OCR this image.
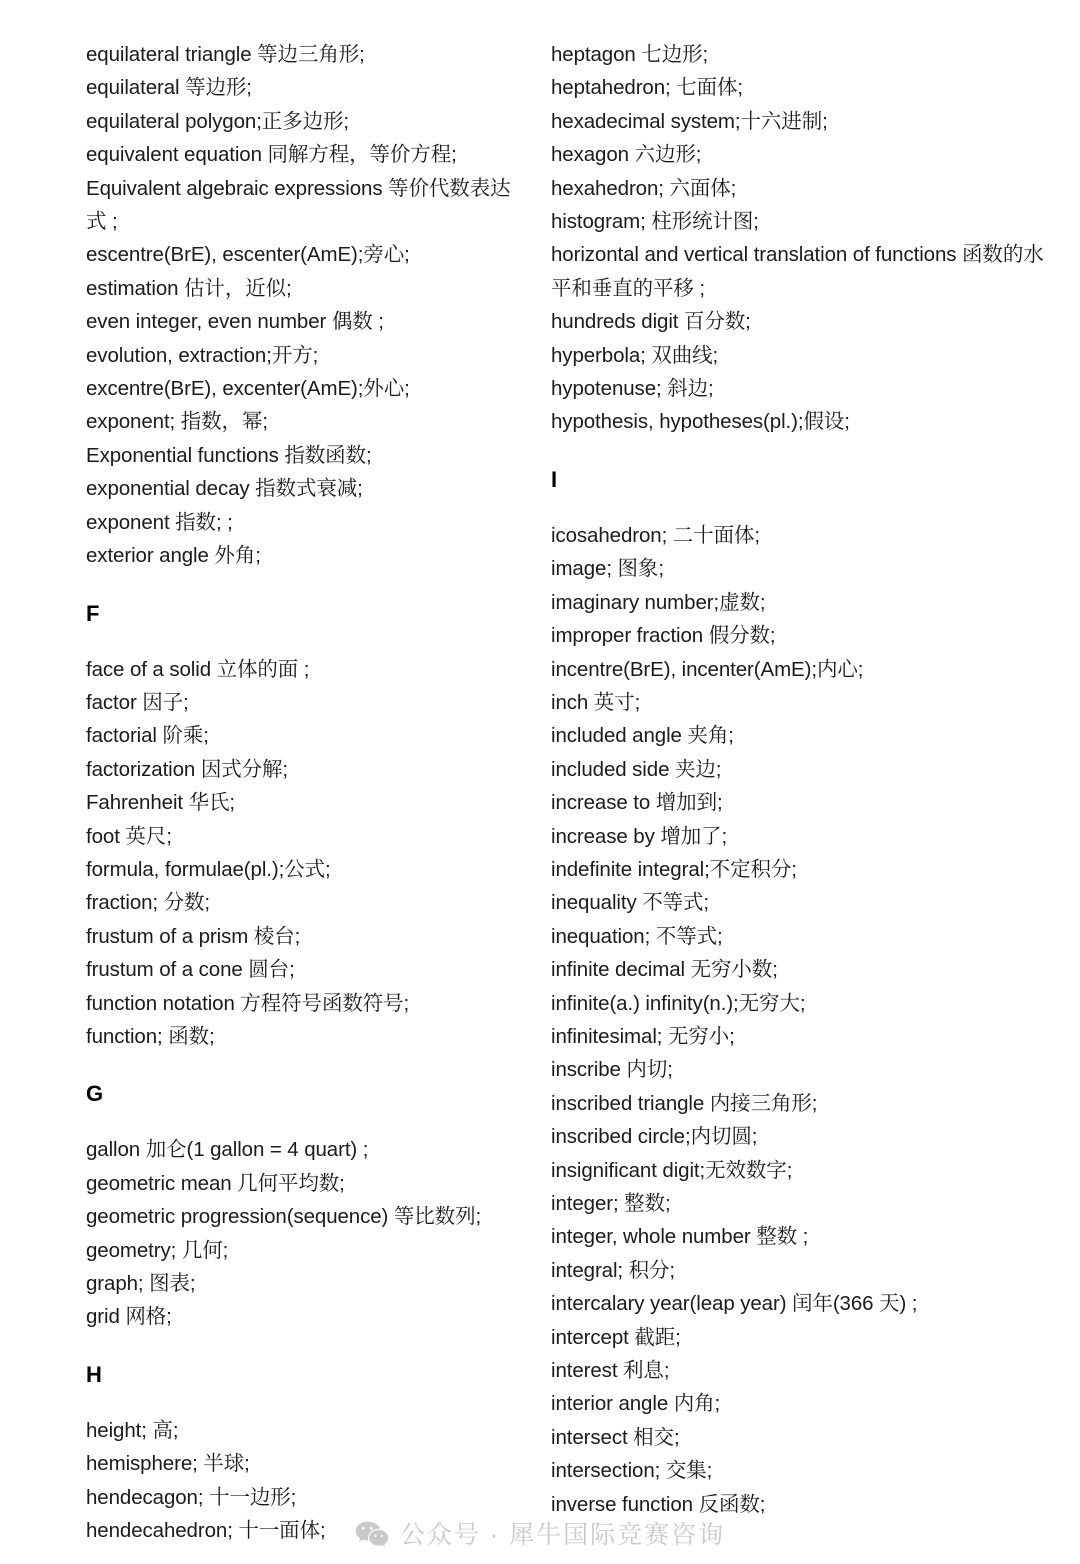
equilateral triangle 等边三角形;
equilateral 等边形;
equilateral polygon;正多边形;
equivalent equation 同解方程，等价方程;
Equivalent algebraic expressions 等价代数表达式 ;
escentre(BrE), escenter(AmE);旁心;
estimation 估计，近似;
even integer, even number 偶数 ;
evolution, extraction;开方;
excentre(BrE), excenter(AmE);外心;
exponent; 指数，幂;
Exponential functions 指数函数;
exponential decay 指数式衰减;
exponent 指数; ;
exterior angle 外角;
F
face of a solid 立体的面 ;
factor 因子;
factorial 阶乘;
factorization 因式分解;
Fahrenheit 华氏;
foot 英尺;
formula, formulae(pl.);公式;
fraction; 分数;
frustum of a prism 棱台;
frustum of a cone 圆台;
function notation 方程符号函数符号;
function; 函数;
G
gallon 加仑(1 gallon = 4 quart) ;
geometric mean 几何平均数;
geometric progression(sequence) 等比数列;
geometry; 几何;
graph; 图表;
grid 网格;
H
height; 高;
hemisphere; 半球;
hendecagon; 十一边形;
hendecahedron; 十一面体;
heptagon 七边形;
heptahedron; 七面体;
hexadecimal system;十六进制;
hexagon 六边形;
hexahedron; 六面体;
histogram; 柱形统计图;
horizontal and vertical translation of functions 函数的水平和垂直的平移 ;
hundreds digit 百分数;
hyperbola; 双曲线;
hypotenuse; 斜边;
hypothesis, hypotheses(pl.);假设;
I
icosahedron; 二十面体;
image; 图象;
imaginary number;虚数;
improper fraction 假分数;
incentre(BrE), incenter(AmE);内心;
inch 英寸;
included angle 夹角;
included side 夹边;
increase to 增加到;
increase by 增加了;
indefinite integral;不定积分;
inequality 不等式;
inequation; 不等式;
infinite decimal 无穷小数;
infinite(a.) infinity(n.);无穷大;
infinitesimal; 无穷小;
inscribe 内切;
inscribed triangle 内接三角形;
inscribed circle;内切圆;
insignificant digit;无效数字;
integer; 整数;
integer, whole number 整数 ;
integral; 积分;
intercalary year(leap year) 闰年(366 天) ;
intercept 截距;
interest 利息;
interior angle 内角;
intersect 相交;
intersection; 交集;
inverse function 反函数;
公众号 · 犀牛国际竞赛咨询
